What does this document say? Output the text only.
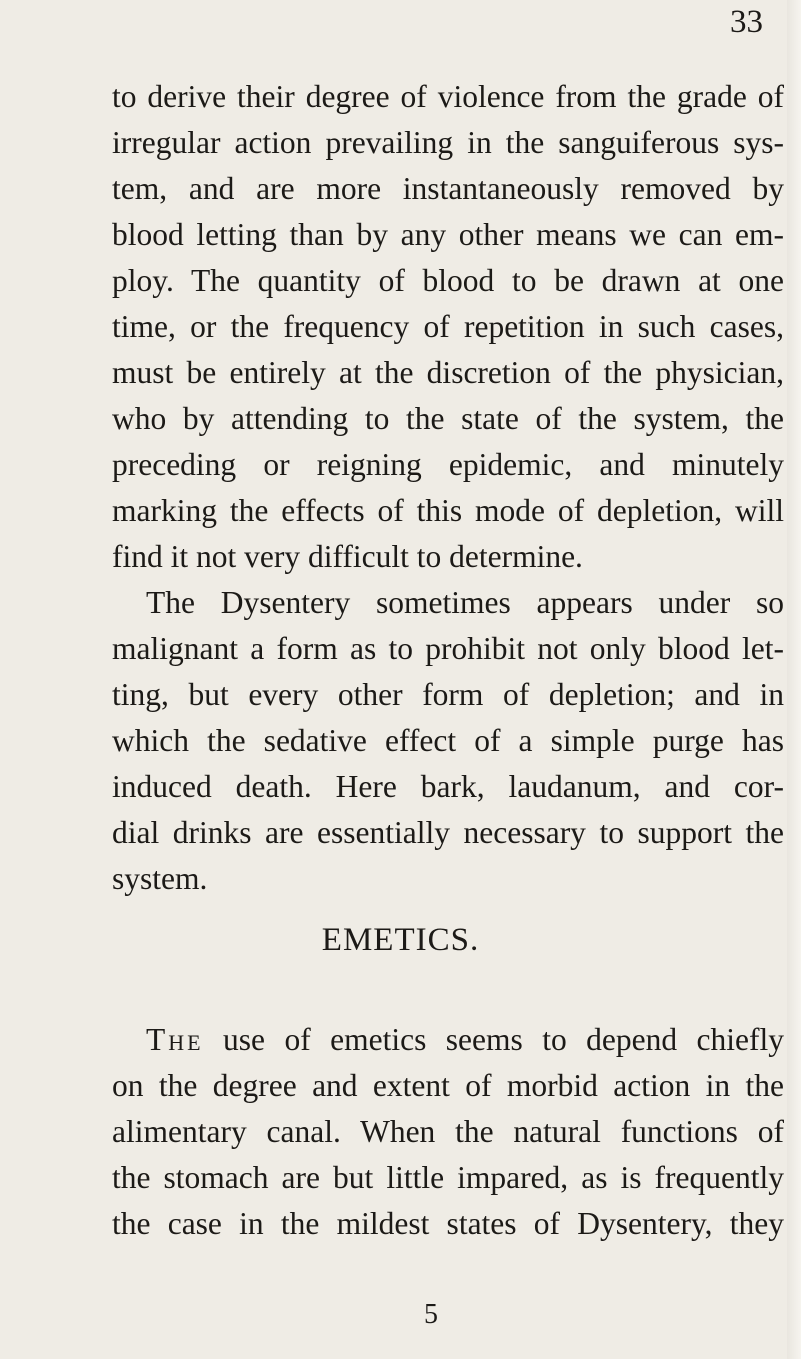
33

to derive their degree of violence from the grade of

irregular action prevailing in the sanguiferous sys-

tem, and are more instantaneously removed by

blood letting than by any other means we can em-

ploy. The quantity of blood to be drawn at one

time, or the frequency of repetition in such cases,

must be entirely at the discretion of the physician,

who by attending to the state of the system, the

preceding or reigning epidemic, and minutely

marking the effects of this mode of depletion, will

find it not very difficult to determine.

The Dysentery sometimes appears under so

malignant a form as to prohibit not only blood let-

ting, but every other form of depletion; and in

which the sedative effect of a simple purge has

induced death. Here bark, laudanum, and cor-

dial drinks are essentially necessary to support the

system.

EMETICS.

The use of emetics seems to depend chiefly

on the degree and extent of morbid action in the

alimentary canal. When the natural functions of

the stomach are but little impared, as is frequently

the case in the mildest states of Dysentery, they

5
